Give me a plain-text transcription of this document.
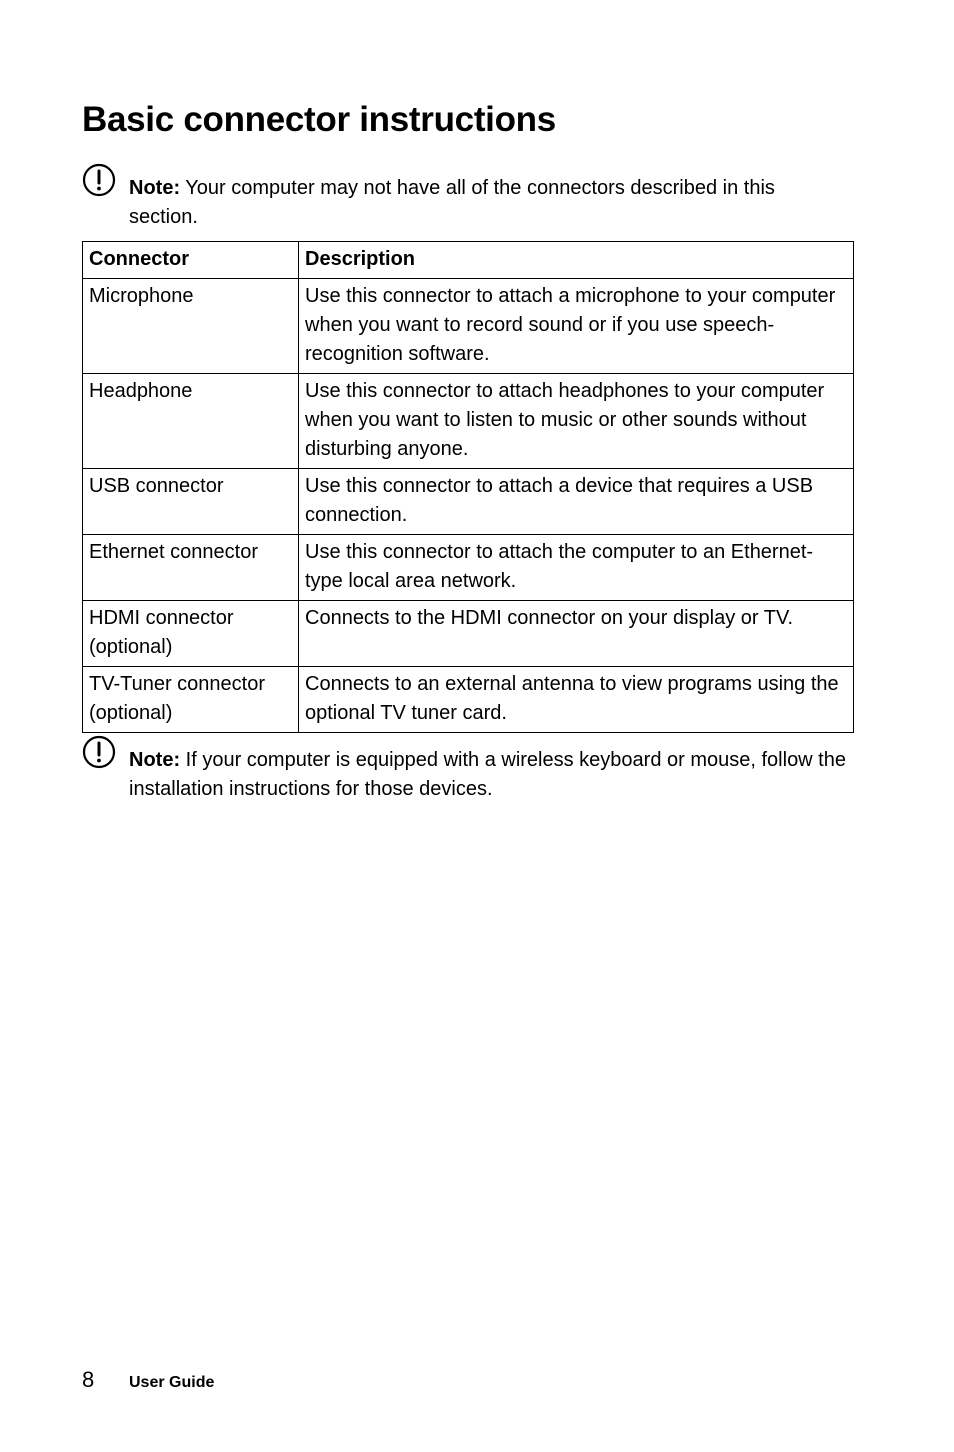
Basic connector instructions
Note: Your computer may not have all of the connectors described in this section.
Connector	Description
Microphone	Use this connector to attach a microphone to your computer when you want to record sound or if you use speech-recognition software.
Headphone	Use this connector to attach headphones to your computer when you want to listen to music or other sounds without disturbing anyone.
USB connector	Use this connector to attach a device that requires a USB connection.
Ethernet connector	Use this connector to attach the computer to an Ethernet-type local area network.
HDMI connector (optional)	Connects to the HDMI connector on your display or TV.
TV-Tuner connector (optional)	Connects to an external antenna to view programs using the optional TV tuner card.
Note: If your computer is equipped with a wireless keyboard or mouse, follow the installation instructions for those devices.
8 User Guide
